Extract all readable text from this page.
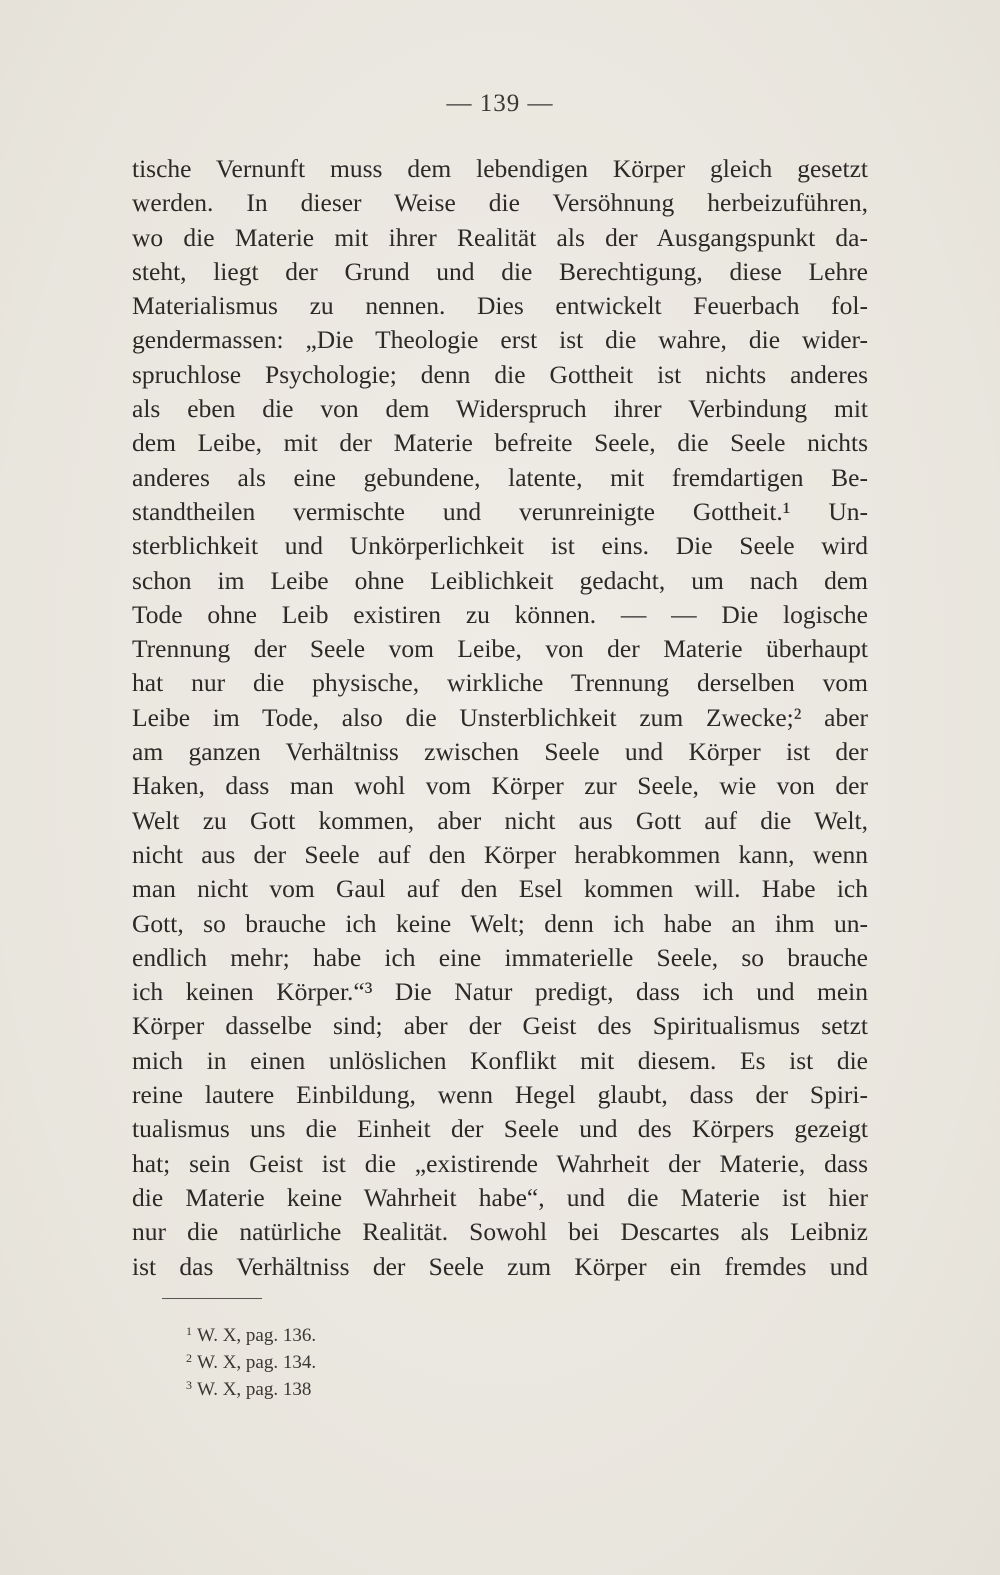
— 139 —
tische Vernunft muss dem lebendigen Körper gleich gesetzt
werden. In dieser Weise die Versöhnung herbeizuführen,
wo die Materie mit ihrer Realität als der Ausgangspunkt da-
steht, liegt der Grund und die Berechtigung, diese Lehre
Materialismus zu nennen. Dies entwickelt Feuerbach fol-
gendermassen: „Die Theologie erst ist die wahre, die wider-
spruchlose Psychologie; denn die Gottheit ist nichts anderes
als eben die von dem Widerspruch ihrer Verbindung mit
dem Leibe, mit der Materie befreite Seele, die Seele nichts
anderes als eine gebundene, latente, mit fremdartigen Be-
standtheilen vermischte und verunreinigte Gottheit.¹ Un-
sterblichkeit und Unkörperlichkeit ist eins. Die Seele wird
schon im Leibe ohne Leiblichkeit gedacht, um nach dem
Tode ohne Leib existiren zu können. — — Die logische
Trennung der Seele vom Leibe, von der Materie überhaupt
hat nur die physische, wirkliche Trennung derselben vom
Leibe im Tode, also die Unsterblichkeit zum Zwecke;² aber
am ganzen Verhältniss zwischen Seele und Körper ist der
Haken, dass man wohl vom Körper zur Seele, wie von der
Welt zu Gott kommen, aber nicht aus Gott auf die Welt,
nicht aus der Seele auf den Körper herabkommen kann, wenn
man nicht vom Gaul auf den Esel kommen will. Habe ich
Gott, so brauche ich keine Welt; denn ich habe an ihm un-
endlich mehr; habe ich eine immaterielle Seele, so brauche
ich keinen Körper.“³ Die Natur predigt, dass ich und mein
Körper dasselbe sind; aber der Geist des Spiritualismus setzt
mich in einen unlöslichen Konflikt mit diesem. Es ist die
reine lautere Einbildung, wenn Hegel glaubt, dass der Spiri-
tualismus uns die Einheit der Seele und des Körpers gezeigt
hat; sein Geist ist die „existirende Wahrheit der Materie, dass
die Materie keine Wahrheit habe“, und die Materie ist hier
nur die natürliche Realität. Sowohl bei Descartes als Leibniz
ist das Verhältniss der Seele zum Körper ein fremdes und
$^1$ W. X, pag. 136.
$^2$ W. X, pag. 134.
$^3$ W. X, pag. 138
